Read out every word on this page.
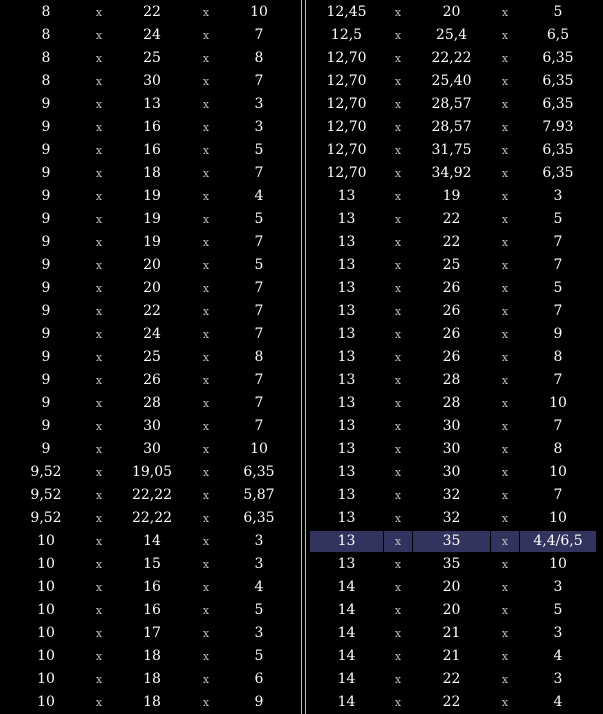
8	x	22	x	10
8	x	24	x	7
8	x	25	x	8
8	x	30	x	7
9	x	13	x	3
9	x	16	x	3
9	x	16	x	5
9	x	18	x	7
9	x	19	x	4
9	x	19	x	5
9	x	19	x	7
9	x	20	x	5
9	x	20	x	7
9	x	22	x	7
9	x	24	x	7
9	x	25	x	8
9	x	26	x	7
9	x	28	x	7
9	x	30	x	7
9	x	30	x	10
9,52	x	19,05	x	6,35
9,52	x	22,22	x	5,87
9,52	x	22,22	x	6,35
10	x	14	x	3
10	x	15	x	3
10	x	16	x	4
10	x	16	x	5
10	x	17	x	3
10	x	18	x	5
10	x	18	x	6
10	x	18	x	9
12,45	x	20	x	5
12,5	x	25,4	x	6,5
12,70	x	22,22	x	6,35
12,70	x	25,40	x	6,35
12,70	x	28,57	x	6,35
12,70	x	28,57	x	7.93
12,70	x	31,75	x	6,35
12,70	x	34,92	x	6,35
13	x	19	x	3
13	x	22	x	5
13	x	22	x	7
13	x	25	x	7
13	x	26	x	5
13	x	26	x	7
13	x	26	x	9
13	x	26	x	8
13	x	28	x	7
13	x	28	x	10
13	x	30	x	7
13	x	30	x	8
13	x	30	x	10
13	x	32	x	7
13	x	32	x	10
13	x	35	x	4,4/6,5
13	x	35	x	10
14	x	20	x	3
14	x	20	x	5
14	x	21	x	3
14	x	21	x	4
14	x	22	x	3
14	x	22	x	4
